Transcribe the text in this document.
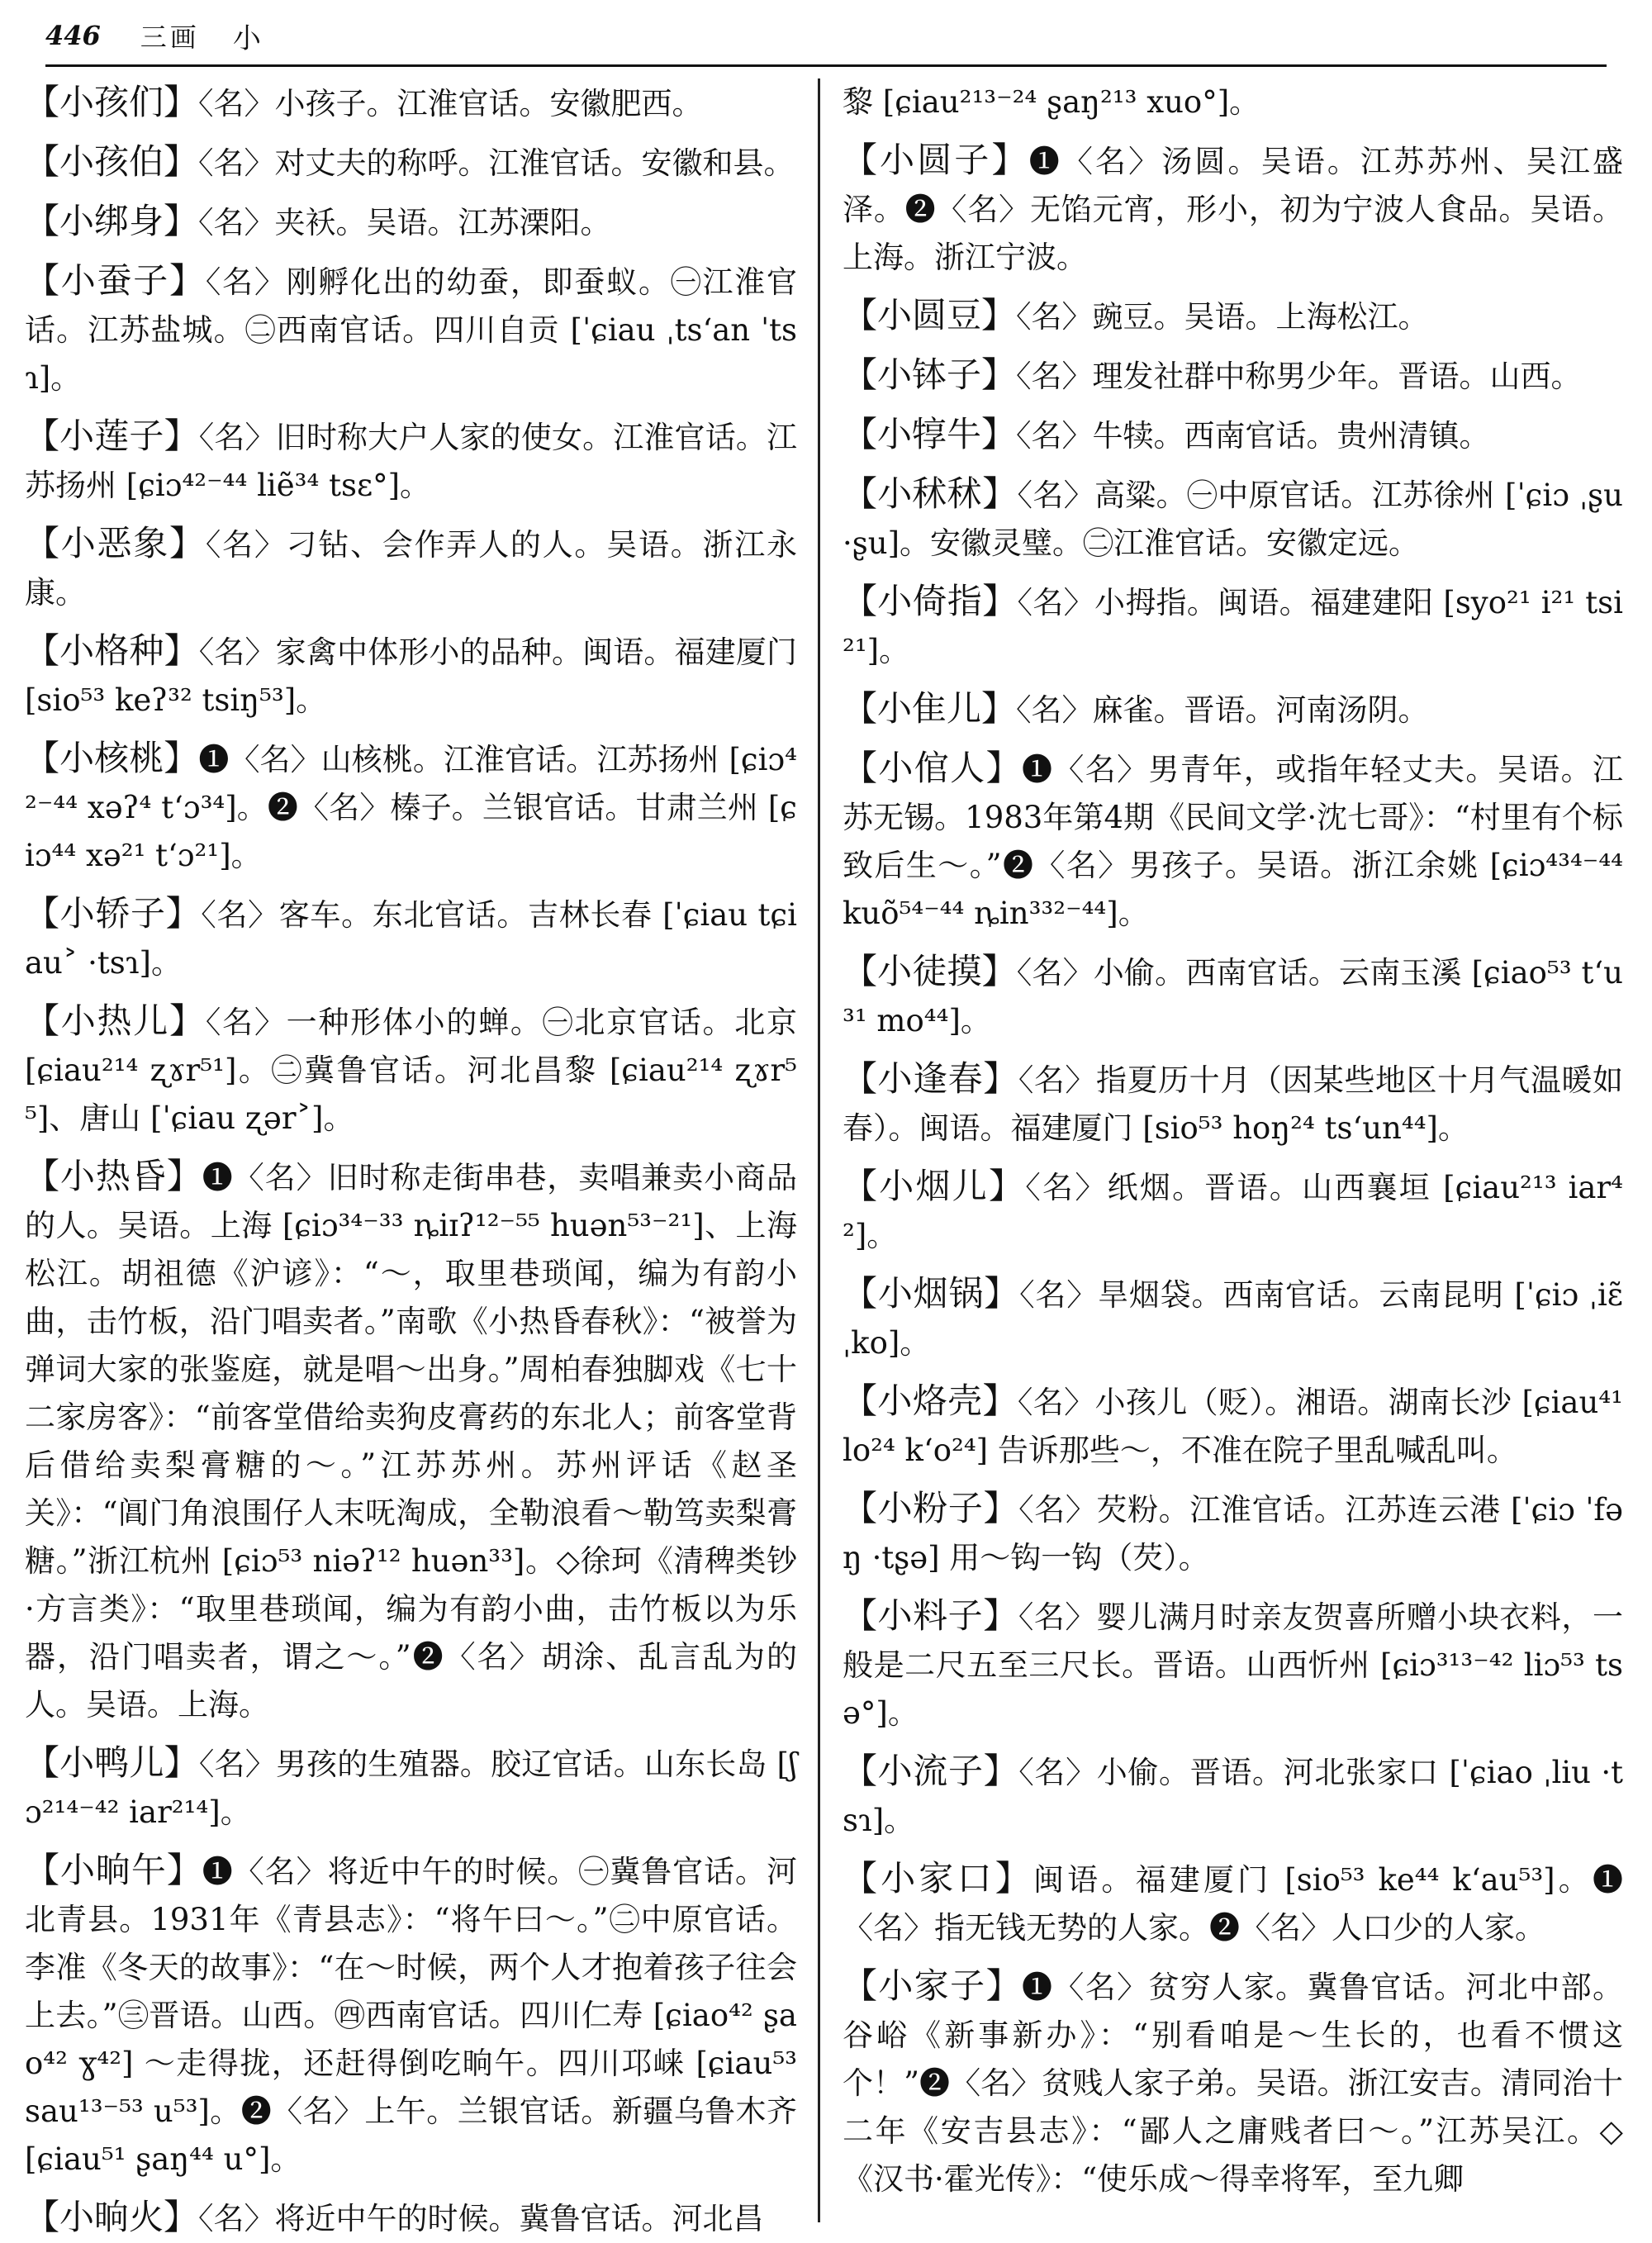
446 三画 小

【小孩们】〈名〉小孩子。江淮官话。安徽肥西。

【小孩伯】〈名〉对丈夫的称呼。江淮官话。安徽和县。

【小绑身】〈名〉夹袄。吴语。江苏溧阳。

【小蚕子】〈名〉刚孵化出的幼蚕，即蚕蚁。㊀江淮官话。江苏盐城。㊁西南官话。四川自贡 [ˈɕiau ˌtsʻan ˈtsɿ]。

【小莲子】〈名〉旧时称大户人家的使女。江淮官话。江苏扬州 [ɕiɔ⁴²⁻⁴⁴ liẽ³⁴ tsɛ°]。

【小恶象】〈名〉刁钻、会作弄人的人。吴语。浙江永康。

【小格种】〈名〉家禽中体形小的品种。闽语。福建厦门 [sio⁵³ keʔ³² tsiŋ⁵³]。

【小核桃】❶〈名〉山核桃。江淮官话。江苏扬州 [ɕiɔ⁴²⁻⁴⁴ xəʔ⁴ tʻɔ³⁴]。❷〈名〉榛子。兰银官话。甘肃兰州 [ɕiɔ⁴⁴ xə²¹ tʻɔ²¹]。

【小轿子】〈名〉客车。东北官话。吉林长春 [ˈɕiau tɕiau˃ ·tsɿ]。

【小热儿】〈名〉一种形体小的蝉。㊀北京官话。北京 [ɕiau²¹⁴ ʐɤr⁵¹]。㊁冀鲁官话。河北昌黎 [ɕiau²¹⁴ ʐɤr⁵⁵]、唐山 [ˈɕiau ʐər˃]。

【小热昏】❶〈名〉旧时称走街串巷，卖唱兼卖小商品的人。吴语。上海 [ɕiɔ³⁴⁻³³ ȵiɪʔ¹²⁻⁵⁵ huən⁵³⁻²¹]、上海松江。胡祖德《沪谚》：“～，取里巷琐闻，编为有韵小曲，击竹板，沿门唱卖者。”南歌《小热昏春秋》：“被誉为弹词大家的张鉴庭，就是唱～出身。”周柏春独脚戏《七十二家房客》：“前客堂借给卖狗皮膏药的东北人；前客堂背后借给卖梨膏糖的～。”江苏苏州。苏州评话《赵圣关》：“阊门角浪围仔人末呒淘成，全勒浪看～勒笃卖梨膏糖。”浙江杭州 [ɕiɔ⁵³ niəʔ¹² huən³³]。◇徐珂《清稗类钞·方言类》：“取里巷琐闻，编为有韵小曲，击竹板以为乐器，沿门唱卖者，谓之～。”❷〈名〉胡涂、乱言乱为的人。吴语。上海。

【小鸭儿】〈名〉男孩的生殖器。胶辽官话。山东长岛 [ʃɔ²¹⁴⁻⁴² iar²¹⁴]。

【小晌午】❶〈名〉将近中午的时候。㊀冀鲁官话。河北青县。1931年《青县志》：“将午曰～。”㊁中原官话。李准《冬天的故事》：“在～时候，两个人才抱着孩子往会上去。”㊂晋语。山西。㊃西南官话。四川仁寿 [ɕiao⁴² ʂao⁴² ɣ⁴²] ～走得拢，还赶得倒吃晌午。四川邛崃 [ɕiau⁵³ sau¹³⁻⁵³ u⁵³]。❷〈名〉上午。兰银官话。新疆乌鲁木齐 [ɕiau⁵¹ ʂaŋ⁴⁴ u°]。

【小晌火】〈名〉将近中午的时候。冀鲁官话。河北昌

黎 [ɕiau²¹³⁻²⁴ ʂaŋ²¹³ xuo°]。

【小圆子】❶〈名〉汤圆。吴语。江苏苏州、吴江盛泽。❷〈名〉无馅元宵，形小，初为宁波人食品。吴语。上海。浙江宁波。

【小圆豆】〈名〉豌豆。吴语。上海松江。

【小钵子】〈名〉理发社群中称男少年。晋语。山西。

【小犉牛】〈名〉牛犊。西南官话。贵州清镇。

【小秫秫】〈名〉高粱。㊀中原官话。江苏徐州 [ˈɕiɔ ˌʂu ·ʂu]。安徽灵璧。㊁江淮官话。安徽定远。

【小倚指】〈名〉小拇指。闽语。福建建阳 [syo²¹ i²¹ tsi²¹]。

【小隹儿】〈名〉麻雀。晋语。河南汤阴。

【小倌人】❶〈名〉男青年，或指年轻丈夫。吴语。江苏无锡。1983年第4期《民间文学·沈七哥》：“村里有个标致后生～。”❷〈名〉男孩子。吴语。浙江余姚 [ɕiɔ⁴³⁴⁻⁴⁴ kuõ⁵⁴⁻⁴⁴ ȵin³³²⁻⁴⁴]。

【小徒摸】〈名〉小偷。西南官话。云南玉溪 [ɕiao⁵³ tʻu³¹ mo⁴⁴]。

【小逢春】〈名〉指夏历十月（因某些地区十月气温暖如春）。闽语。福建厦门 [sio⁵³ hoŋ²⁴ tsʻun⁴⁴]。

【小烟儿】〈名〉纸烟。晋语。山西襄垣 [ɕiau²¹³ iar⁴²]。

【小烟锅】〈名〉旱烟袋。西南官话。云南昆明 [ˈɕiɔ ˌiɛ̃ ˌko]。

【小烙壳】〈名〉小孩儿（贬）。湘语。湖南长沙 [ɕiau⁴¹ lo²⁴ kʻo²⁴] 告诉那些～，不准在院子里乱喊乱叫。

【小粉子】〈名〉芡粉。江淮官话。江苏连云港 [ˈɕiɔ ˈfəŋ ·tʂə] 用～钩一钩（芡）。

【小料子】〈名〉婴儿满月时亲友贺喜所赠小块衣料，一般是二尺五至三尺长。晋语。山西忻州 [ɕiɔ³¹³⁻⁴² liɔ⁵³ tsə°]。

【小流子】〈名〉小偷。晋语。河北张家口 [ˈɕiao ˌliu ·tsɿ]。

【小家口】闽语。福建厦门 [sio⁵³ ke⁴⁴ kʻau⁵³]。❶〈名〉指无钱无势的人家。❷〈名〉人口少的人家。

【小家子】❶〈名〉贫穷人家。冀鲁官话。河北中部。谷峪《新事新办》：“别看咱是～生长的，也看不惯这个！”❷〈名〉贫贱人家子弟。吴语。浙江安吉。清同治十二年《安吉县志》：“鄙人之庸贱者曰～。”江苏吴江。◇《汉书·霍光传》：“使乐成～得幸将军，至九卿
